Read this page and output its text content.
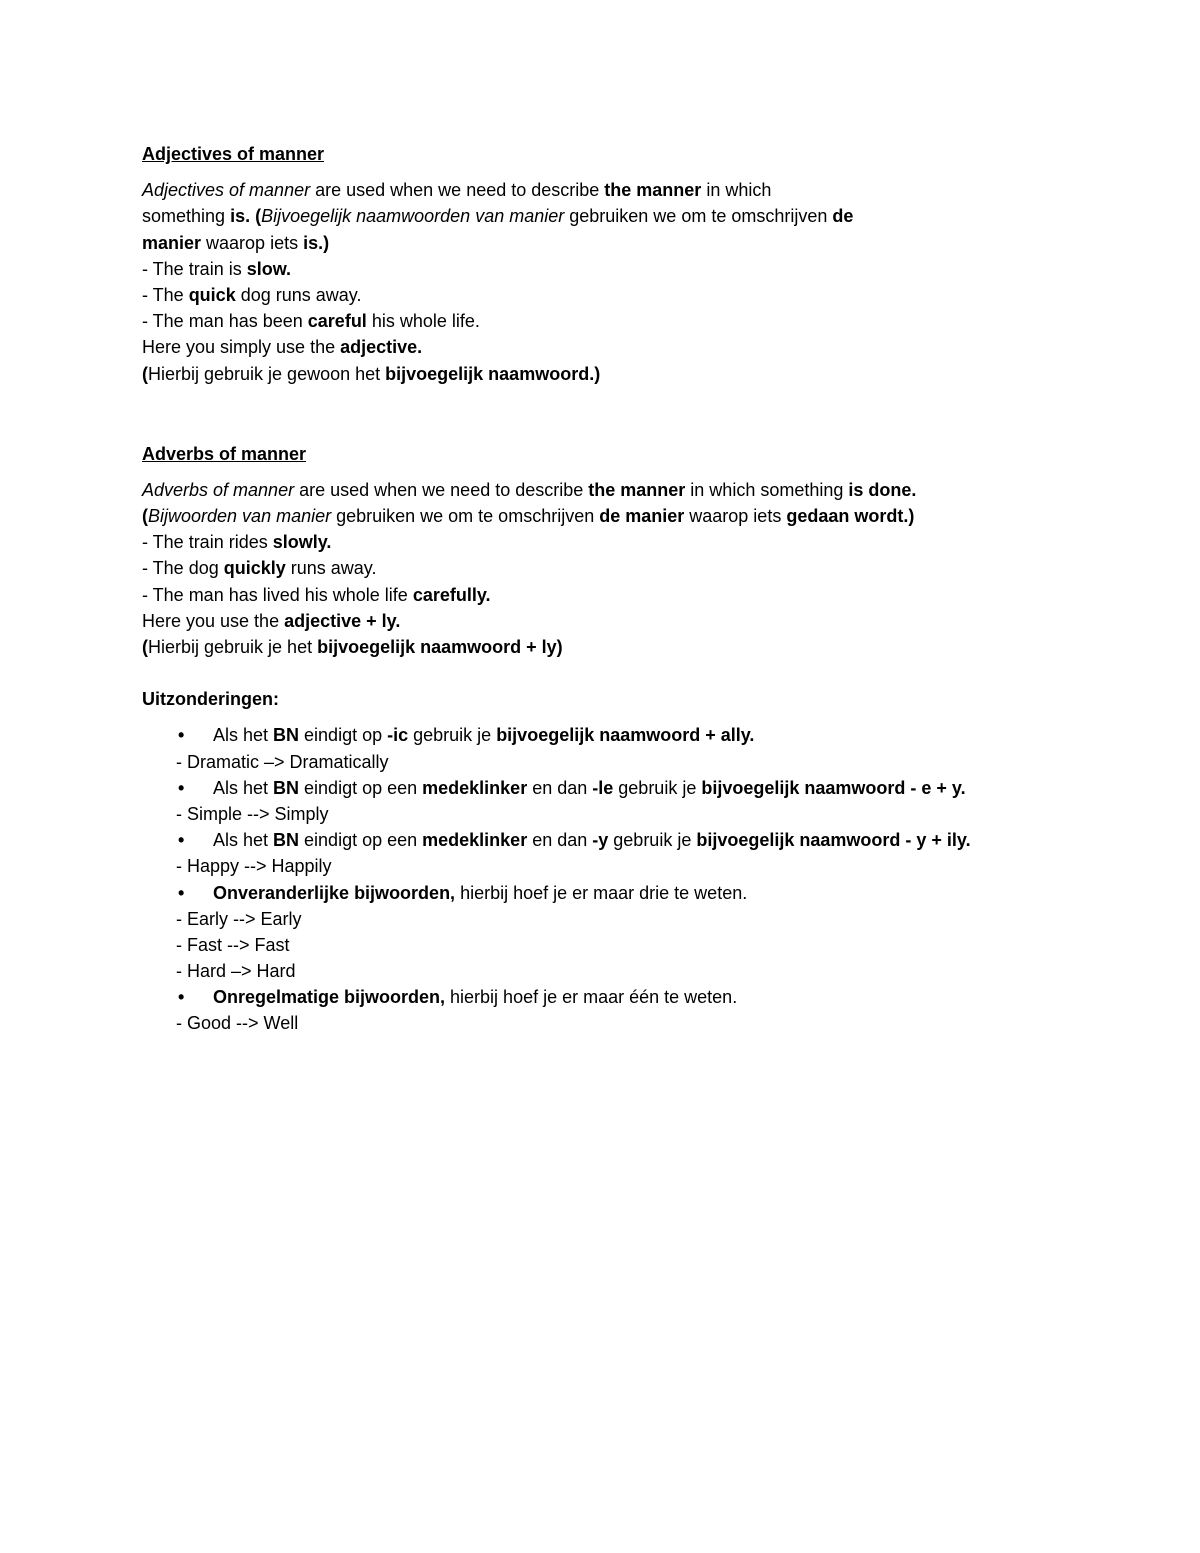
Adjectives of manner
Adjectives of manner are used when we need to describe the manner in which
something is. (Bijvoegelijk naamwoorden van manier gebruiken we om te omschrijven de
manier waarop iets is.)
- The train is slow.
- The quick dog runs away.
- The man has been careful his whole life.
Here you simply use the adjective.
(Hierbij gebruik je gewoon het bijvoegelijk naamwoord.)
Adverbs of manner
Adverbs of manner are used when we need to describe the manner in which something is done.
(Bijwoorden van manier gebruiken we om te omschrijven de manier waarop iets gedaan wordt.)
- The train rides slowly.
- The dog quickly runs away.
- The man has lived his whole life carefully.
Here you use the adjective + ly.
(Hierbij gebruik je het bijvoegelijk naamwoord + ly)
Uitzonderingen:
• Als het BN eindigt op -ic gebruik je bijvoegelijk naamwoord + ally.
- Dramatic –> Dramatically
• Als het BN eindigt op een medeklinker en dan -le gebruik je bijvoegelijk naamwoord - e + y.
- Simple --> Simply
• Als het BN eindigt op een medeklinker en dan -y gebruik je bijvoegelijk naamwoord - y + ily.
- Happy --> Happily
• Onveranderlijke bijwoorden, hierbij hoef je er maar drie te weten.
- Early --> Early
- Fast --> Fast
- Hard –> Hard
• Onregelmatige bijwoorden, hierbij hoef je er maar één te weten.
- Good --> Well
